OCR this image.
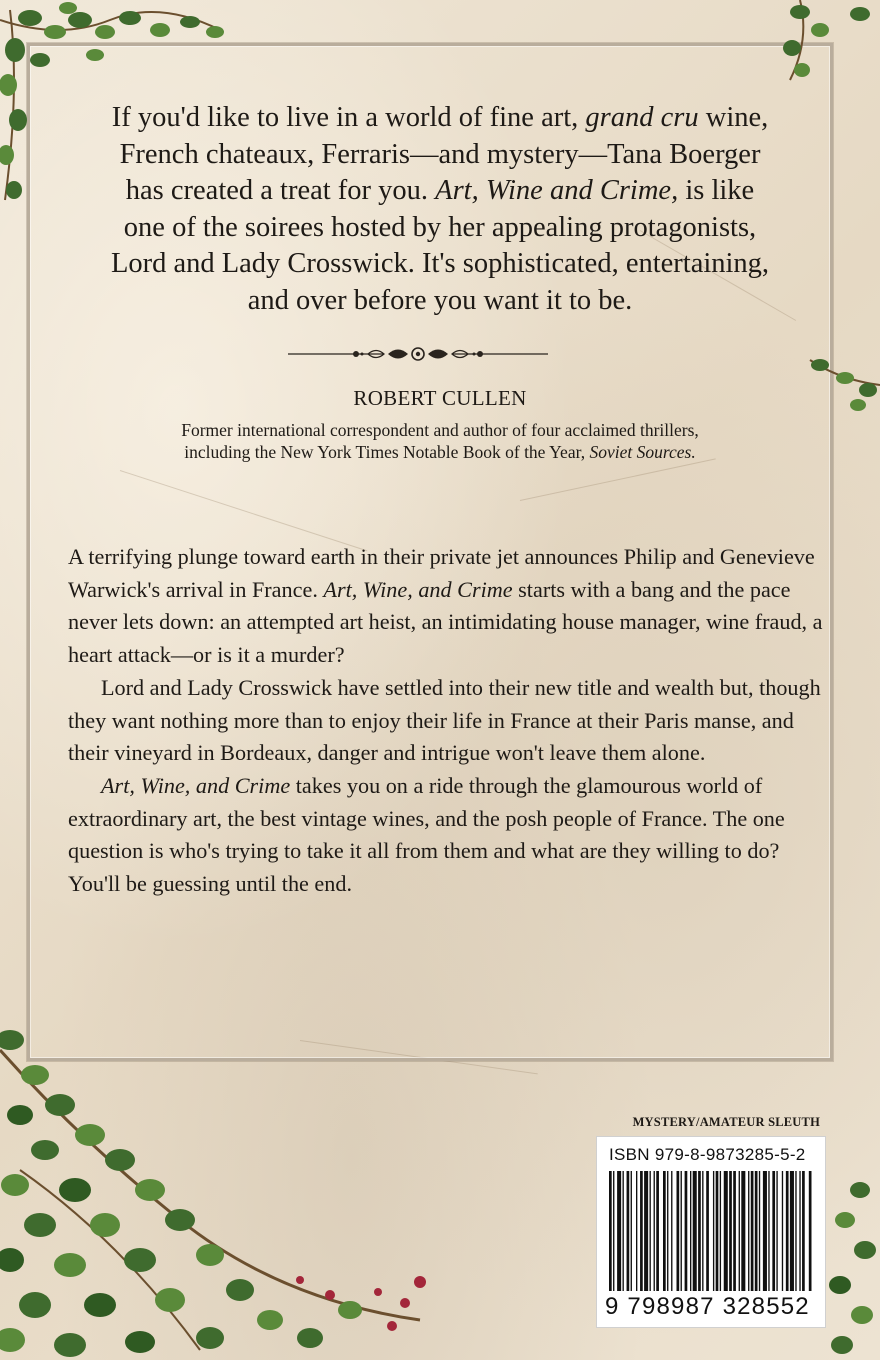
If you'd like to live in a world of fine art, grand cru wine,
French chateaux, Ferraris—and mystery—Tana Boerger
has created a treat for you. Art, Wine and Crime, is like
one of the soirees hosted by her appealing protagonists,
Lord and Lady Crosswick. It's sophisticated, entertaining,
and over before you want it to be.

ROBERT CULLEN
Former international correspondent and author of four acclaimed thrillers,
including the New York Times Notable Book of the Year, Soviet Sources.

A terrifying plunge toward earth in their private jet announces Philip and Genevieve Warwick's arrival in France. Art, Wine, and Crime starts with a bang and the pace never lets down: an attempted art heist, an intimidating house manager, wine fraud, a heart attack—or is it a murder?

Lord and Lady Crosswick have settled into their new title and wealth but, though they want nothing more than to enjoy their life in France at their Paris manse, and their vineyard in Bordeaux, danger and intrigue won't leave them alone.

Art, Wine, and Crime takes you on a ride through the glamourous world of extraordinary art, the best vintage wines, and the posh people of France. The one question is who's trying to take it all from them and what are they willing to do? You'll be guessing until the end.

MYSTERY/AMATEUR SLEUTH
ISBN 979-8-9873285-5-2
9 798987 328552
